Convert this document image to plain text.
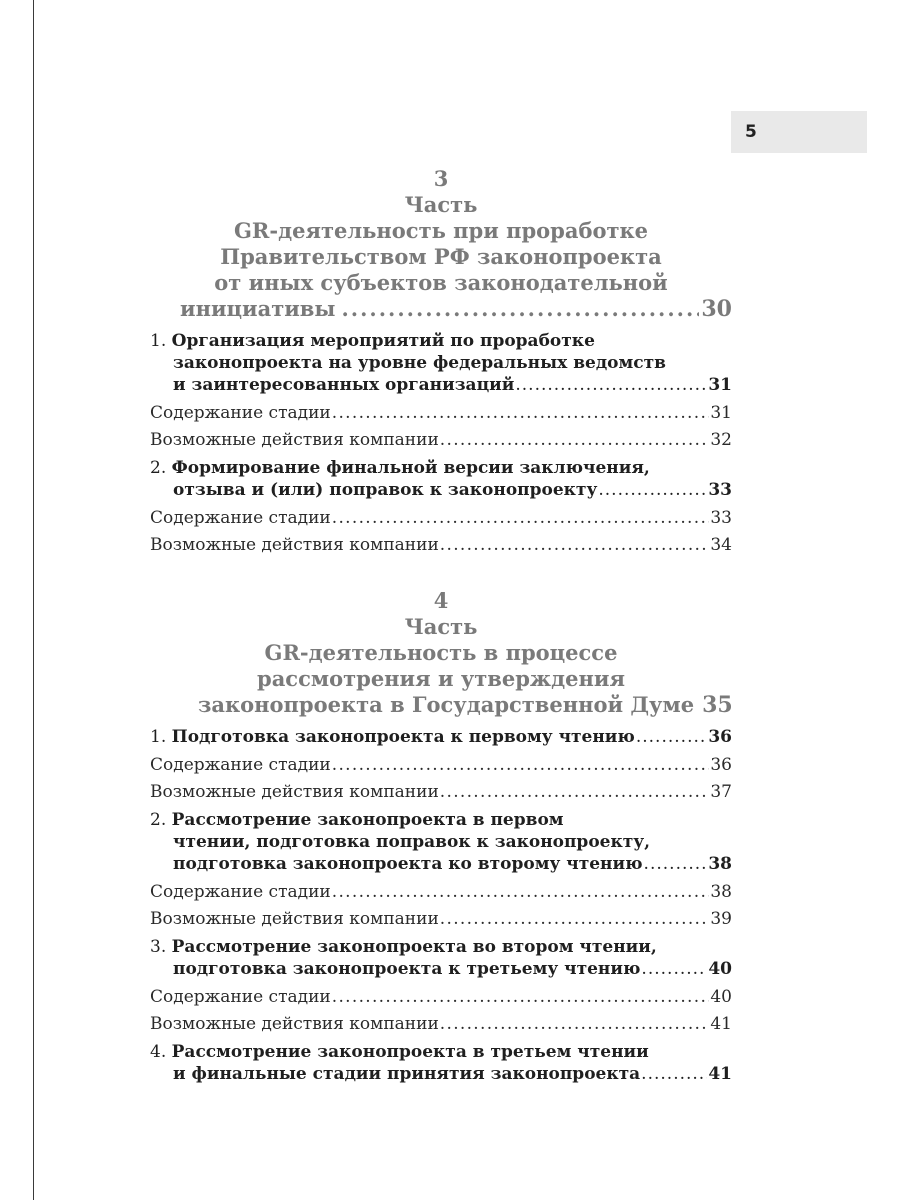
5
3
Часть
GR-деятельность при проработке
Правительством РФ законопроекта
от иных субъектов законодательной
инициативы .....	30
1. Организация мероприятий по проработке
законопроекта на уровне федеральных ведомств
и заинтересованных организаций .....	31
Содержание стадии .....	31
Возможные действия компании .....	32
2. Формирование финальной версии заключения,
отзыва и (или) поправок к законопроекту .....	33
Содержание стадии .....	33
Возможные действия компании .....	34
4
Часть
GR-деятельность в процессе
рассмотрения и утверждения
законопроекта в Государственной Думе 35
1. Подготовка законопроекта к первому чтению .....	36
Содержание стадии .....	36
Возможные действия компании .....	37
2. Рассмотрение законопроекта в первом
чтении, подготовка поправок к законопроекту,
подготовка законопроекта ко второму чтению .....	38
Содержание стадии .....	38
Возможные действия компании .....	39
3. Рассмотрение законопроекта во втором чтении,
подготовка законопроекта к третьему чтению .....	40
Содержание стадии .....	40
Возможные действия компании .....	41
4. Рассмотрение законопроекта в третьем чтении
и финальные стадии принятия законопроекта .....	41
